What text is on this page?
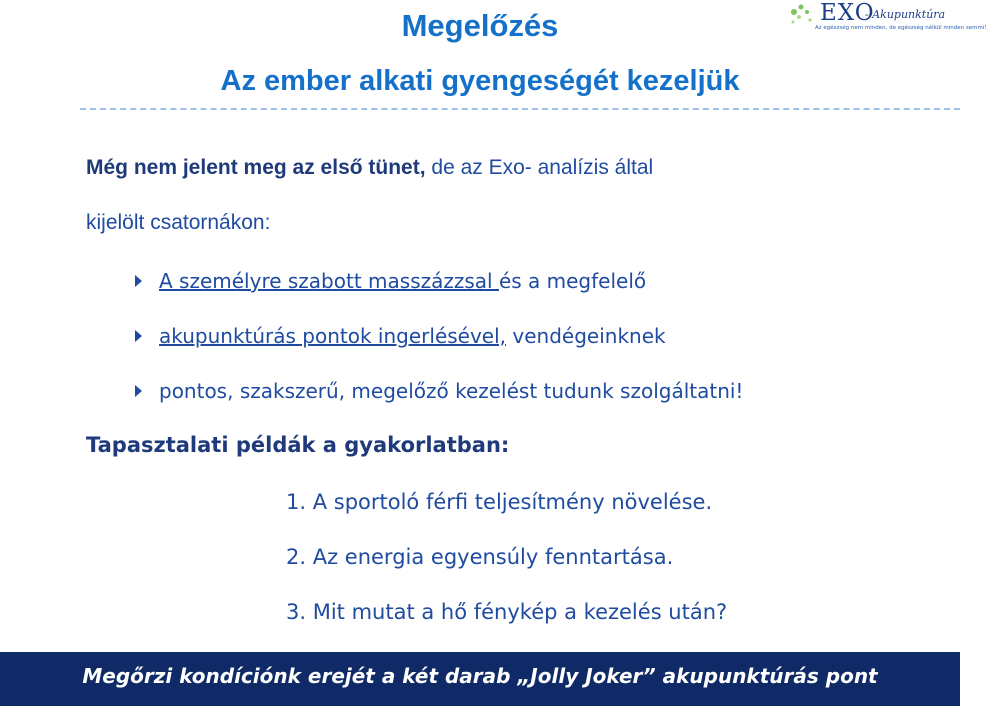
EXO
- Akupunktúra
Az egészség nem minden, de egészség nélkül minden semmi!
Megelőzés
Az ember alkati gyengeségét kezeljük
Még nem jelent meg az első tünet, de az Exo- analízis által
kijelölt csatornákon:
A személyre szabott masszázzsal és a megfelelő
akupunktúrás pontok ingerlésével, vendégeinknek
pontos, szakszerű, megelőző kezelést tudunk szolgáltatni!
Tapasztalati példák a gyakorlatban:
1. A sportoló férfi teljesítmény növelése.
2. Az energia egyensúly fenntartása.
3. Mit mutat a hő fénykép a kezelés után?
Megőrzi kondíciónk erejét a két darab „Jolly Joker” akupunktúrás pont
